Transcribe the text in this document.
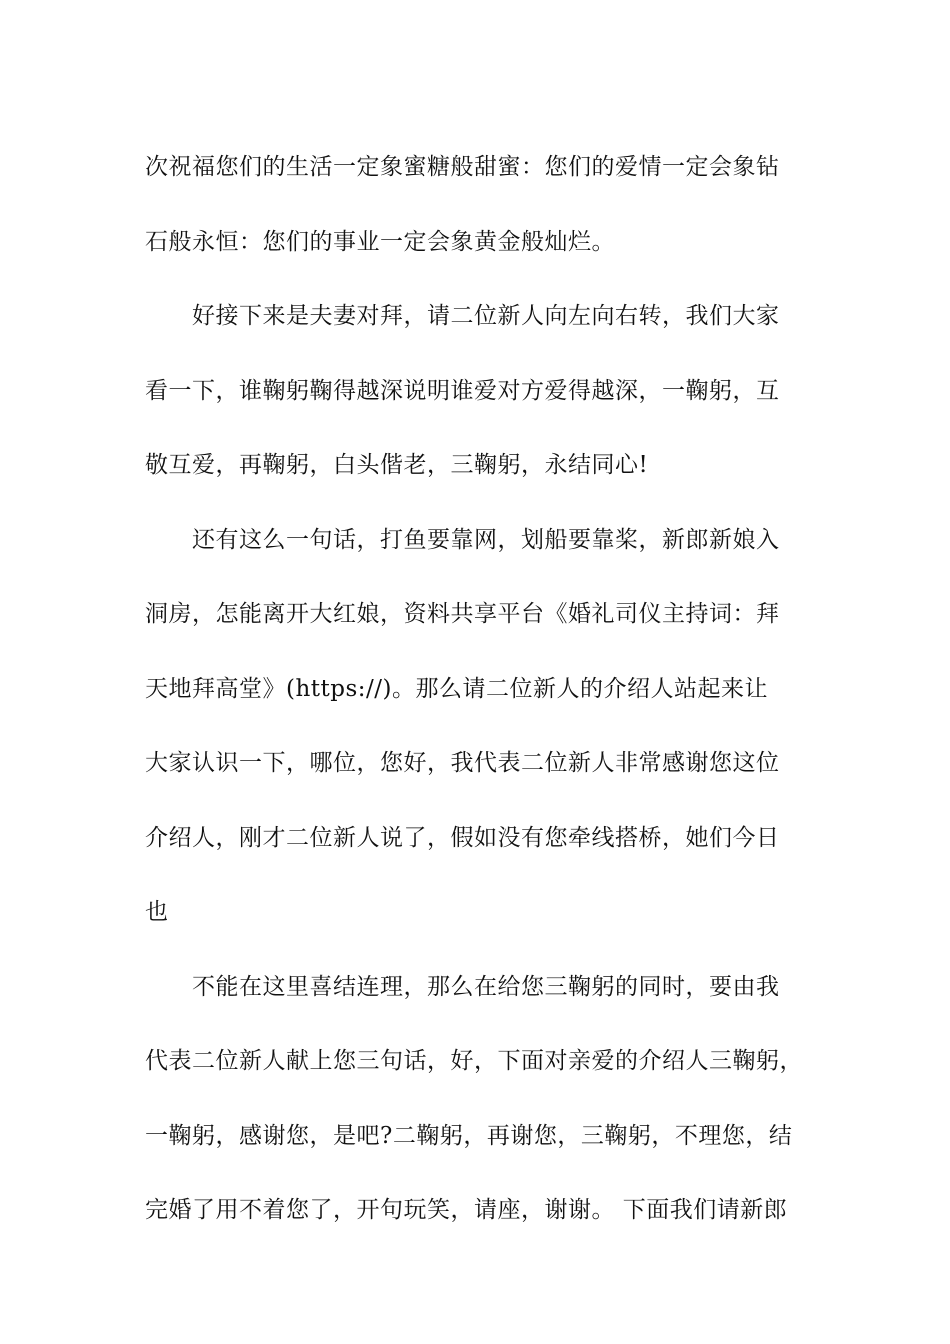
次祝福您们的生活一定象蜜糖般甜蜜：您们的爱情一定会象钻
石般永恒：您们的事业一定会象黄金般灿烂。
好接下来是夫妻对拜，请二位新人向左向右转，我们大家
看一下，谁鞠躬鞠得越深说明谁爱对方爱得越深，一鞠躬，互
敬互爱，再鞠躬，白头偕老，三鞠躬，永结同心!
还有这么一句话，打鱼要靠网，划船要靠桨，新郎新娘入
洞房，怎能离开大红娘，资料共享平台《婚礼司仪主持词：拜
天地拜高堂》(https://)。那么请二位新人的介绍人站起来让
大家认识一下，哪位，您好，我代表二位新人非常感谢您这位
介绍人，刚才二位新人说了，假如没有您牵线搭桥，她们今日
也
不能在这里喜结连理，那么在给您三鞠躬的同时，要由我
代表二位新人献上您三句话，好，下面对亲爱的介绍人三鞠躬，
一鞠躬，感谢您，是吧?二鞠躬，再谢您，三鞠躬，不理您，结
完婚了用不着您了，开句玩笑，请座，谢谢。 下面我们请新郎
